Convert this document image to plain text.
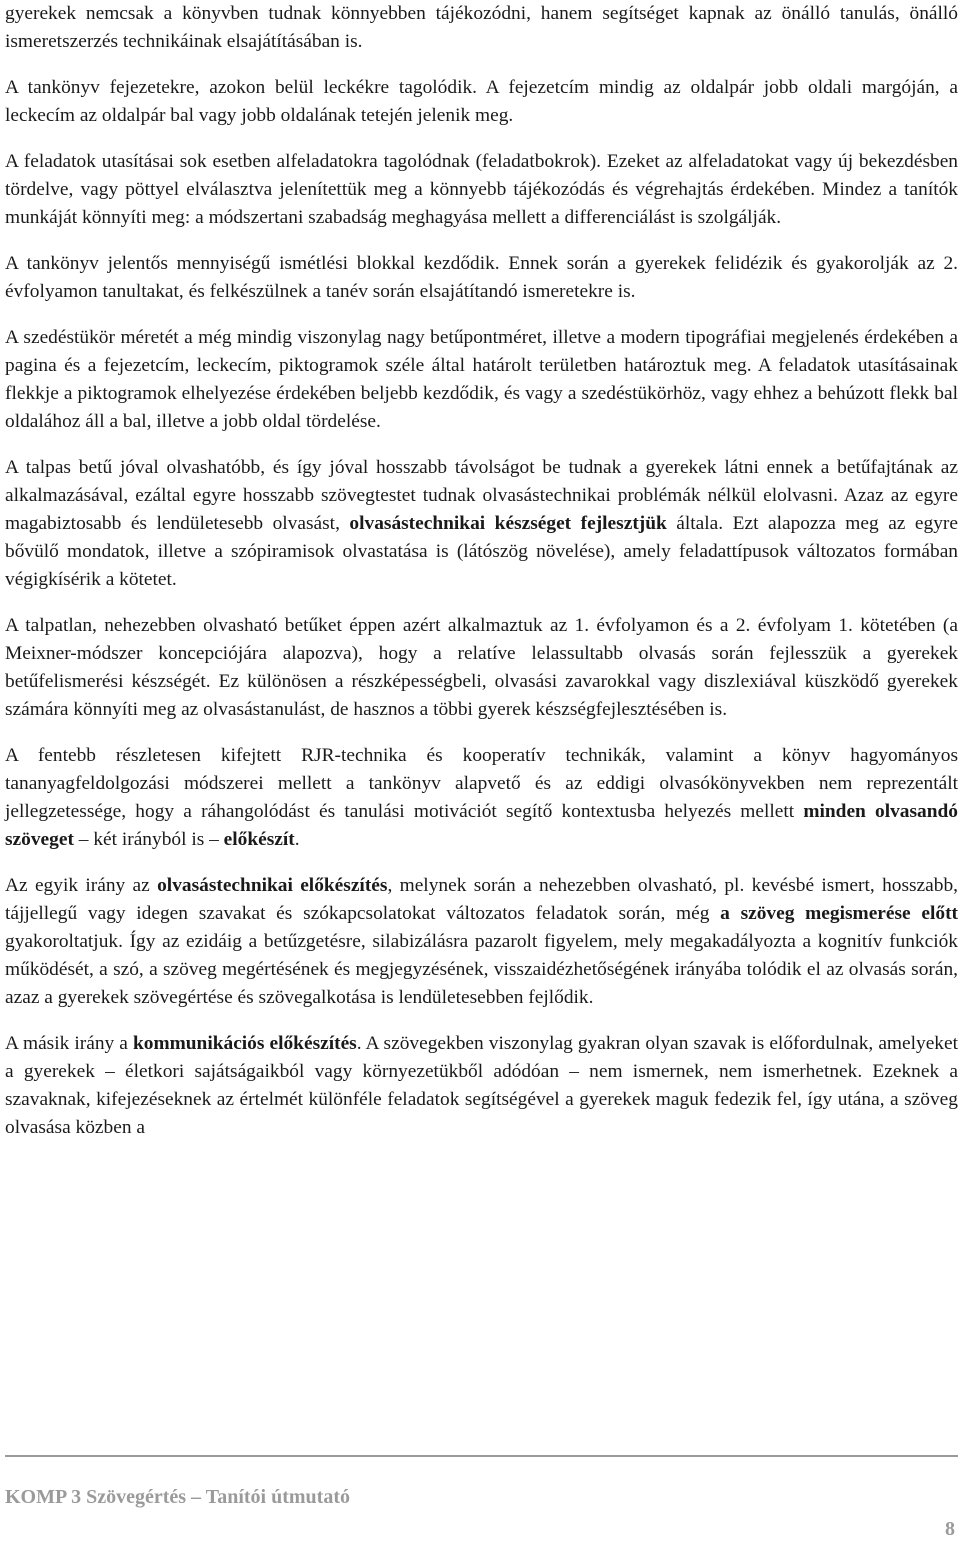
gyerekek nemcsak a könyvben tudnak könnyebben tájékozódni, hanem segítséget kapnak az önálló tanulás, önálló ismeretszerzés technikáinak elsajátításában is.

A tankönyv fejezetekre, azokon belül leckékre tagolódik. A fejezetcím mindig az oldalpár jobb oldali margóján, a leckecím az oldalpár bal vagy jobb oldalának tetején jelenik meg.

A feladatok utasításai sok esetben alfeladatokra tagolódnak (feladatbokrok). Ezeket az alfeladatokat vagy új bekezdésben tördelve, vagy pöttyel elválasztva jelenítettük meg a könnyebb tájékozódás és végrehajtás érdekében. Mindez a tanítók munkáját könnyíti meg: a módszertani szabadság meghagyása mellett a differenciálást is szolgálják.

A tankönyv jelentős mennyiségű ismétlési blokkal kezdődik. Ennek során a gyerekek felidézik és gyakorolják az 2. évfolyamon tanultakat, és felkészülnek a tanév során elsajátítandó ismeretekre is.

A szedéstükör méretét a még mindig viszonylag nagy betűpontméret, illetve a modern tipográfiai megjelenés érdekében a pagina és a fejezetcím, leckecím, piktogramok széle által határolt területben határoztuk meg. A feladatok utasításainak flekkje a piktogramok elhelyezése érdekében beljebb kezdődik, és vagy a szedéstükörhöz, vagy ehhez a behúzott flekk bal oldalához áll a bal, illetve a jobb oldal tördelése.

A talpas betű jóval olvashatóbb, és így jóval hosszabb távolságot be tudnak a gyerekek látni ennek a betűfajtának az alkalmazásával, ezáltal egyre hosszabb szövegtestet tudnak olvasástechnikai problémák nélkül elolvasni. Azaz az egyre magabiztosabb és lendületesebb olvasást, olvasástechnikai készséget fejlesztjük általa. Ezt alapozza meg az egyre bővülő mondatok, illetve a szópiramisok olvastatása is (látószög növelése), amely feladattípusok változatos formában végigkísérik a kötetet.

A talpatlan, nehezebben olvasható betűket éppen azért alkalmaztuk az 1. évfolyamon és a 2. évfolyam 1. kötetében (a Meixner-módszer koncepciójára alapozva), hogy a relatíve lelassultabb olvasás során fejlesszük a gyerekek betűfelismerési készségét. Ez különösen a részképességbeli, olvasási zavarokkal vagy diszlexiával küszködő gyerekek számára könnyíti meg az olvasástanulást, de hasznos a többi gyerek készségfejlesztésében is.

A fentebb részletesen kifejtett RJR-technika és kooperatív technikák, valamint a könyv hagyományos tananyagfeldolgozási módszerei mellett a tankönyv alapvető és az eddigi olvasókönyvekben nem reprezentált jellegzetessége, hogy a ráhangolódást és tanulási motivációt segítő kontextusba helyezés mellett minden olvasandó szöveget – két irányból is – előkészít.

Az egyik irány az olvasástechnikai előkészítés, melynek során a nehezebben olvasható, pl. kevésbé ismert, hosszabb, tájjellegű vagy idegen szavakat és szókapcsolatokat változatos feladatok során, még a szöveg megismerése előtt gyakoroltatjuk. Így az ezidáig a betűzgetésre, silabizálásra pazarolt figyelem, mely megakadályozta a kognitív funkciók működését, a szó, a szöveg megértésének és megjegyzésének, visszaidézhetőségének irányába tolódik el az olvasás során, azaz a gyerekek szövegértése és szövegalkotása is lendületesebben fejlődik.

A másik irány a kommunikációs előkészítés. A szövegekben viszonylag gyakran olyan szavak is előfordulnak, amelyeket a gyerekek – életkori sajátságaikból vagy környezetükből adódóan – nem ismernek, nem ismerhetnek. Ezeknek a szavaknak, kifejezéseknek az értelmét különféle feladatok segítségével a gyerekek maguk fedezik fel, így utána, a szöveg olvasása közben a

KOMP 3 Szövegértés – Tanítói útmutató
8
